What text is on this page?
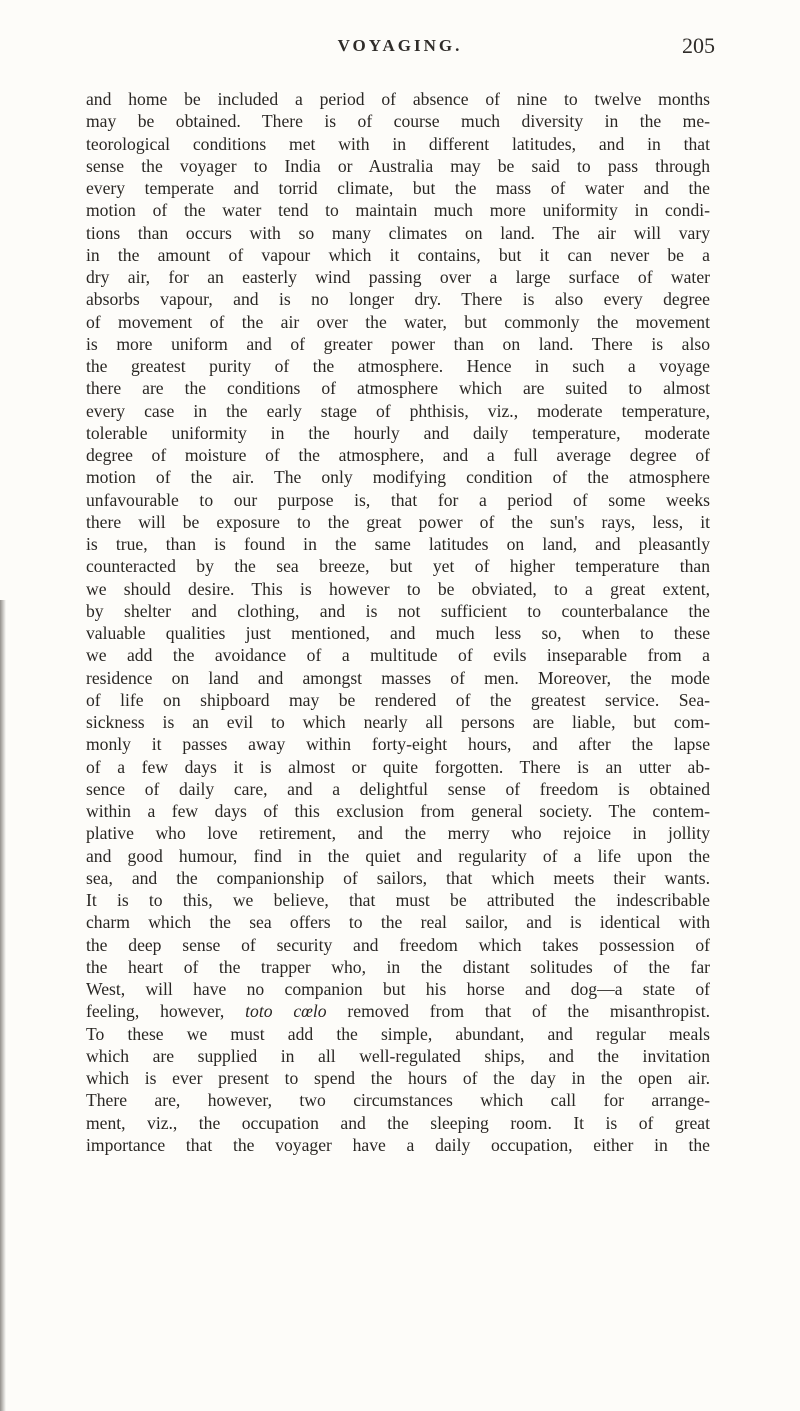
VOYAGING.	205
and home be included a period of absence of nine to twelve months
may be obtained. There is of course much diversity in the me-
teorological conditions met with in different latitudes, and in that
sense the voyager to India or Australia may be said to pass through
every temperate and torrid climate, but the mass of water and the
motion of the water tend to maintain much more uniformity in condi-
tions than occurs with so many climates on land. The air will vary
in the amount of vapour which it contains, but it can never be a
dry air, for an easterly wind passing over a large surface of water
absorbs vapour, and is no longer dry. There is also every degree
of movement of the air over the water, but commonly the movement
is more uniform and of greater power than on land. There is also
the greatest purity of the atmosphere. Hence in such a voyage
there are the conditions of atmosphere which are suited to almost
every case in the early stage of phthisis, viz., moderate temperature,
tolerable uniformity in the hourly and daily temperature, moderate
degree of moisture of the atmosphere, and a full average degree of
motion of the air. The only modifying condition of the atmosphere
unfavourable to our purpose is, that for a period of some weeks
there will be exposure to the great power of the sun's rays, less, it
is true, than is found in the same latitudes on land, and pleasantly
counteracted by the sea breeze, but yet of higher temperature than
we should desire. This is however to be obviated, to a great extent,
by shelter and clothing, and is not sufficient to counterbalance the
valuable qualities just mentioned, and much less so, when to these
we add the avoidance of a multitude of evils inseparable from a
residence on land and amongst masses of men. Moreover, the mode
of life on shipboard may be rendered of the greatest service. Sea-
sickness is an evil to which nearly all persons are liable, but com-
monly it passes away within forty-eight hours, and after the lapse
of a few days it is almost or quite forgotten. There is an utter ab-
sence of daily care, and a delightful sense of freedom is obtained
within a few days of this exclusion from general society. The contem-
plative who love retirement, and the merry who rejoice in jollity
and good humour, find in the quiet and regularity of a life upon the
sea, and the companionship of sailors, that which meets their wants.
It is to this, we believe, that must be attributed the indescribable
charm which the sea offers to the real sailor, and is identical with
the deep sense of security and freedom which takes possession of
the heart of the trapper who, in the distant solitudes of the far
West, will have no companion but his horse and dog—a state of
feeling, however, toto cœlo removed from that of the misanthropist.
To these we must add the simple, abundant, and regular meals
which are supplied in all well-regulated ships, and the invitation
which is ever present to spend the hours of the day in the open air.
There are, however, two circumstances which call for arrange-
ment, viz., the occupation and the sleeping room. It is of great
importance that the voyager have a daily occupation, either in the
